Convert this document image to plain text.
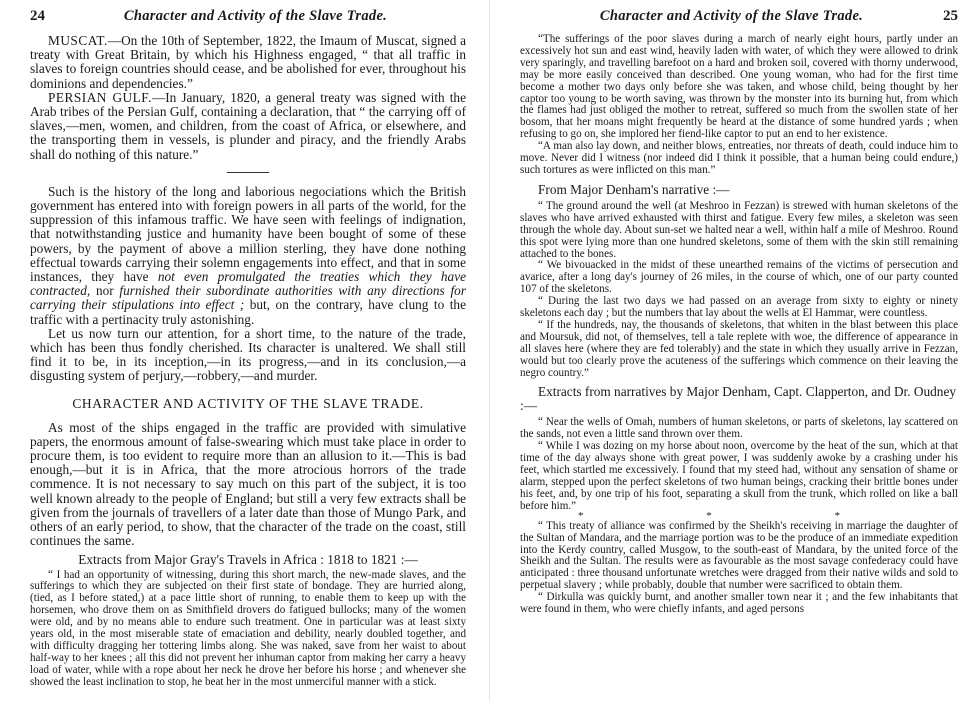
24	Character and Activity of the Slave Trade.

MUSCAT.—On the 10th of September, 1822, the Imaum of Muscat, signed a treaty with Great Britain, by which his Highness engaged, “ that all traffic in slaves to foreign countries should cease, and be abolished for ever, throughout his dominions and dependencies.”

PERSIAN GULF.—In January, 1820, a general treaty was signed with the Arab tribes of the Persian Gulf, containing a declaration, that “ the carrying off of slaves,—men, women, and children, from the coast of Africa, or elsewhere, and the transporting them in vessels, is plunder and piracy, and the friendly Arabs shall do nothing of this nature.”

Such is the history of the long and laborious negociations which the British government has entered into with foreign powers in all parts of the world, for the suppression of this infamous traffic. We have seen with feelings of indignation, that notwithstanding justice and humanity have been bought of some of these powers, by the payment of above a million sterling, they have done nothing effectual towards carrying their solemn engagements into effect, and that in some instances, they have not even promulgated the treaties which they have contracted, nor furnished their subordinate authorities with any directions for carrying their stipulations into effect ; but, on the contrary, have clung to the traffic with a pertinacity truly astonishing.

Let us now turn our attention, for a short time, to the nature of the trade, which has been thus fondly cherished. Its character is unaltered. We shall still find it to be, in its inception,—in its progress,—and in its conclusion,—a disgusting system of perjury,—robbery,—and murder.

CHARACTER AND ACTIVITY OF THE SLAVE TRADE.

As most of the ships engaged in the traffic are provided with simulative papers, the enormous amount of false-swearing which must take place in order to procure them, is too evident to require more than an allusion to it.—This is bad enough,—but it is in Africa, that the more atrocious horrors of the trade commence. It is not necessary to say much on this part of the subject, it is too well known already to the people of England; but still a very few extracts shall be given from the journals of travellers of a later date than those of Mungo Park, and others of an early period, to show, that the character of the trade on the coast, still continues the same.

Extracts from Major Gray's Travels in Africa : 1818 to 1821 :—

“ I had an opportunity of witnessing, during this short march, the new-made slaves, and the sufferings to which they are subjected on their first state of bondage. They are hurried along, (tied, as I before stated,) at a pace little short of running, to enable them to keep up with the horsemen, who drove them on as Smithfield drovers do fatigued bullocks; many of the women were old, and by no means able to endure such treatment. One in particular was at least sixty years old, in the most miserable state of emaciation and debility, nearly doubled together, and with difficulty dragging her tottering limbs along. She was naked, save from her waist to about half-way to her knees ; all this did not prevent her inhuman captor from making her carry a heavy load of water, while with a rope about her neck he drove her before his horse ; and whenever she showed the least inclination to stop, he beat her in the most unmerciful manner with a stick.

Character and Activity of the Slave Trade.	25

“The sufferings of the poor slaves during a march of nearly eight hours, partly under an excessively hot sun and east wind, heavily laden with water, of which they were allowed to drink very sparingly, and travelling barefoot on a hard and broken soil, covered with thorny underwood, may be more easily conceived than described. One young woman, who had for the first time become a mother two days only before she was taken, and whose child, being thought by her captor too young to be worth saving, was thrown by the monster into its burning hut, from which the flames had just obliged the mother to retreat, suffered so much from the swollen state of her bosom, that her moans might frequently be heard at the distance of some hundred yards ; when refusing to go on, she implored her fiend-like captor to put an end to her existence.

“A man also lay down, and neither blows, entreaties, nor threats of death, could induce him to move. Never did I witness (nor indeed did I think it possible, that a human being could endure,) such tortures as were inflicted on this man.”

From Major Denham's narrative :—

“ The ground around the well (at Meshroo in Fezzan) is strewed with human skeletons of the slaves who have arrived exhausted with thirst and fatigue. Every few miles, a skeleton was seen through the whole day. About sun-set we halted near a well, within half a mile of Meshroo. Round this spot were lying more than one hundred skeletons, some of them with the skin still remaining attached to the bones.

“ We bivouacked in the midst of these unearthed remains of the victims of persecution and avarice, after a long day's journey of 26 miles, in the course of which, one of our party counted 107 of the skeletons.

“ During the last two days we had passed on an average from sixty to eighty or ninety skeletons each day ; but the numbers that lay about the wells at El Hammar, were countless.

“ If the hundreds, nay, the thousands of skeletons, that whiten in the blast between this place and Moursuk, did not, of themselves, tell a tale replete with woe, the difference of appearance in all slaves here (where they are fed tolerably) and the state in which they usually arrive in Fezzan, would but too clearly prove the acuteness of the sufferings which commence on their leaving the negro country.”

Extracts from narratives by Major Denham, Capt. Clapperton, and Dr. Oudney :—

“ Near the wells of Omah, numbers of human skeletons, or parts of skeletons, lay scattered on the sands, not even a little sand thrown over them.

“ While I was dozing on my horse about noon, overcome by the heat of the sun, which at that time of the day always shone with great power, I was suddenly awoke by a crashing under his feet, which startled me excessively. I found that my steed had, without any sensation of shame or alarm, stepped upon the perfect skeletons of two human beings, cracking their brittle bones under his feet, and, by one trip of his foot, separating a skull from the trunk, which rolled on like a ball before him.”

* * *

“ This treaty of alliance was confirmed by the Sheikh's receiving in marriage the daughter of the Sultan of Mandara, and the marriage portion was to be the produce of an immediate expedition into the Kerdy country, called Musgow, to the south-east of Mandara, by the united force of the Sheikh and the Sultan. The results were as favourable as the most savage confederacy could have anticipated : three thousand unfortunate wretches were dragged from their native wilds and sold to perpetual slavery ; while probably, double that number were sacrificed to obtain them.

“ Dirkulla was quickly burnt, and another smaller town near it ; and the few inhabitants that were found in them, who were chiefly infants, and aged persons
